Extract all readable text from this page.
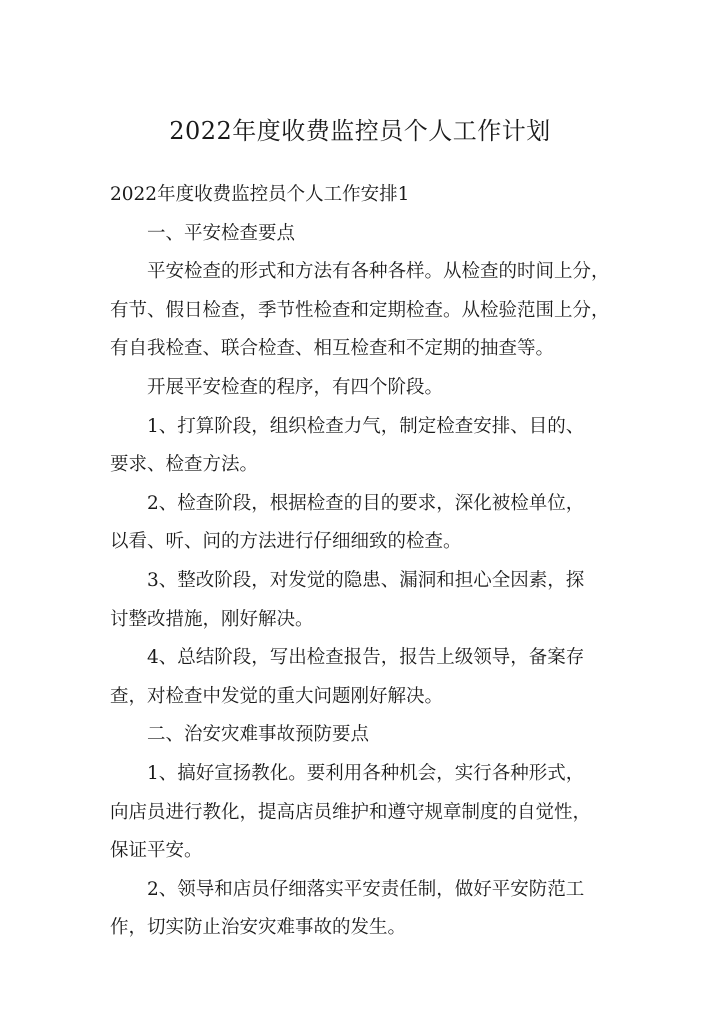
2022年度收费监控员个人工作计划
2022年度收费监控员个人工作安排1
一、平安检查要点
平安检查的形式和方法有各种各样。从检查的时间上分，
有节、假日检查，季节性检查和定期检查。从检验范围上分，
有自我检查、联合检查、相互检查和不定期的抽查等。
开展平安检查的程序，有四个阶段。
1、打算阶段，组织检查力气，制定检查安排、目的、
要求、检查方法。
2、检查阶段，根据检查的目的要求，深化被检单位，
以看、听、问的方法进行仔细细致的检查。
3、整改阶段，对发觉的隐患、漏洞和担心全因素，探
讨整改措施，刚好解决。
4、总结阶段，写出检查报告，报告上级领导，备案存
查，对检查中发觉的重大问题刚好解决。
二、治安灾难事故预防要点
1、搞好宣扬教化。要利用各种机会，实行各种形式，
向店员进行教化，提高店员维护和遵守规章制度的自觉性，
保证平安。
2、领导和店员仔细落实平安责任制，做好平安防范工
作，切实防止治安灾难事故的发生。
